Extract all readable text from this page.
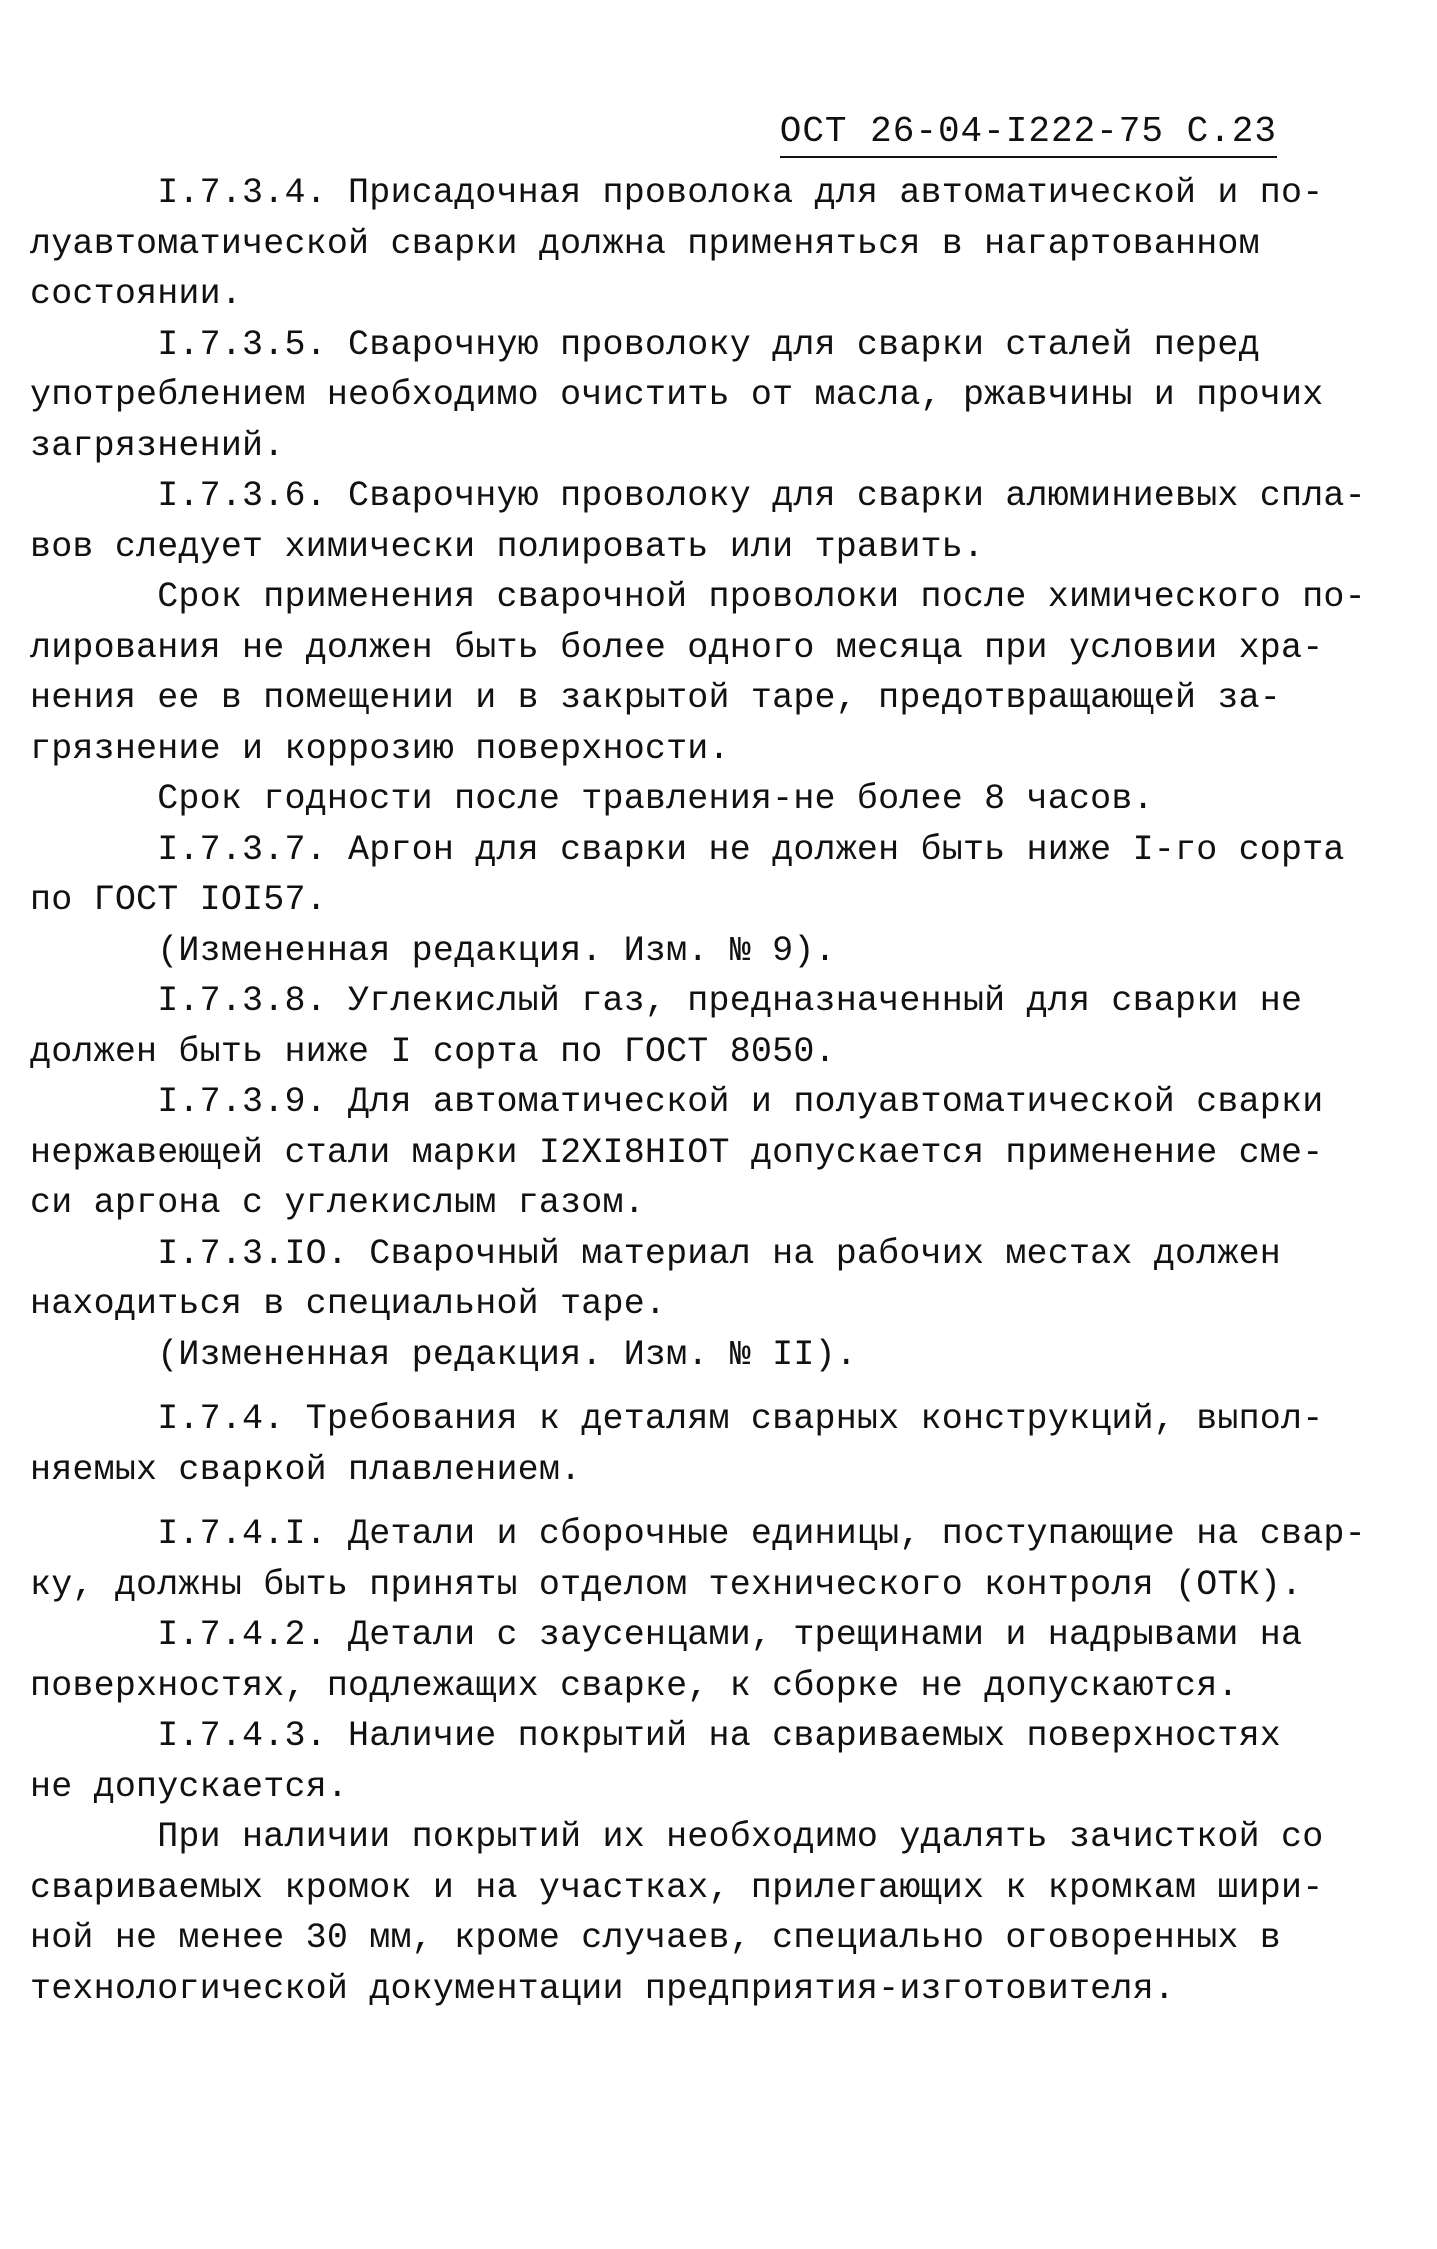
ОСТ 26-04-I222-75 С.23
I.7.3.4. Присадочная проволока для автоматической и по-
луавтоматической сварки должна применяться в нагартованном
состоянии.
I.7.3.5. Сварочную проволоку для сварки сталей перед
употреблением необходимо очистить от масла, ржавчины и прочих
загрязнений.
I.7.3.6. Сварочную проволоку для сварки алюминиевых спла-
вов следует химически полировать или травить.
Срок применения сварочной проволоки после химического по-
лирования не должен быть более одного месяца при условии хра-
нения ее в помещении и в закрытой таре, предотвращающей за-
грязнение и коррозию поверхности.
Срок годности после травления-не более 8 часов.
I.7.3.7. Аргон для сварки не должен быть ниже I-го сорта
по ГОСТ IOI57.
(Измененная редакция. Изм. № 9).
I.7.3.8. Углекислый газ, предназначенный для сварки не
должен быть ниже I сорта по ГОСТ 8050.
I.7.3.9. Для автоматической и полуавтоматической сварки
нержавеющей стали марки I2XI8HIOT допускается применение сме-
си аргона с углекислым газом.
I.7.3.IO. Сварочный материал на рабочих местах должен
находиться в специальной таре.
(Измененная редакция. Изм. № II).
I.7.4. Требования к деталям сварных конструкций, выпол-
няемых сваркой плавлением.
I.7.4.I. Детали и сборочные единицы, поступающие на свар-
ку, должны быть приняты отделом технического контроля (ОТК).
I.7.4.2. Детали с заусенцами, трещинами и надрывами на
поверхностях, подлежащих сварке, к сборке не допускаются.
I.7.4.3. Наличие покрытий на свариваемых поверхностях
не допускается.
При наличии покрытий их необходимо удалять зачисткой со
свариваемых кромок и на участках, прилегающих к кромкам шири-
ной не менее 30 мм, кроме случаев, специально оговоренных в
технологической документации предприятия-изготовителя.
